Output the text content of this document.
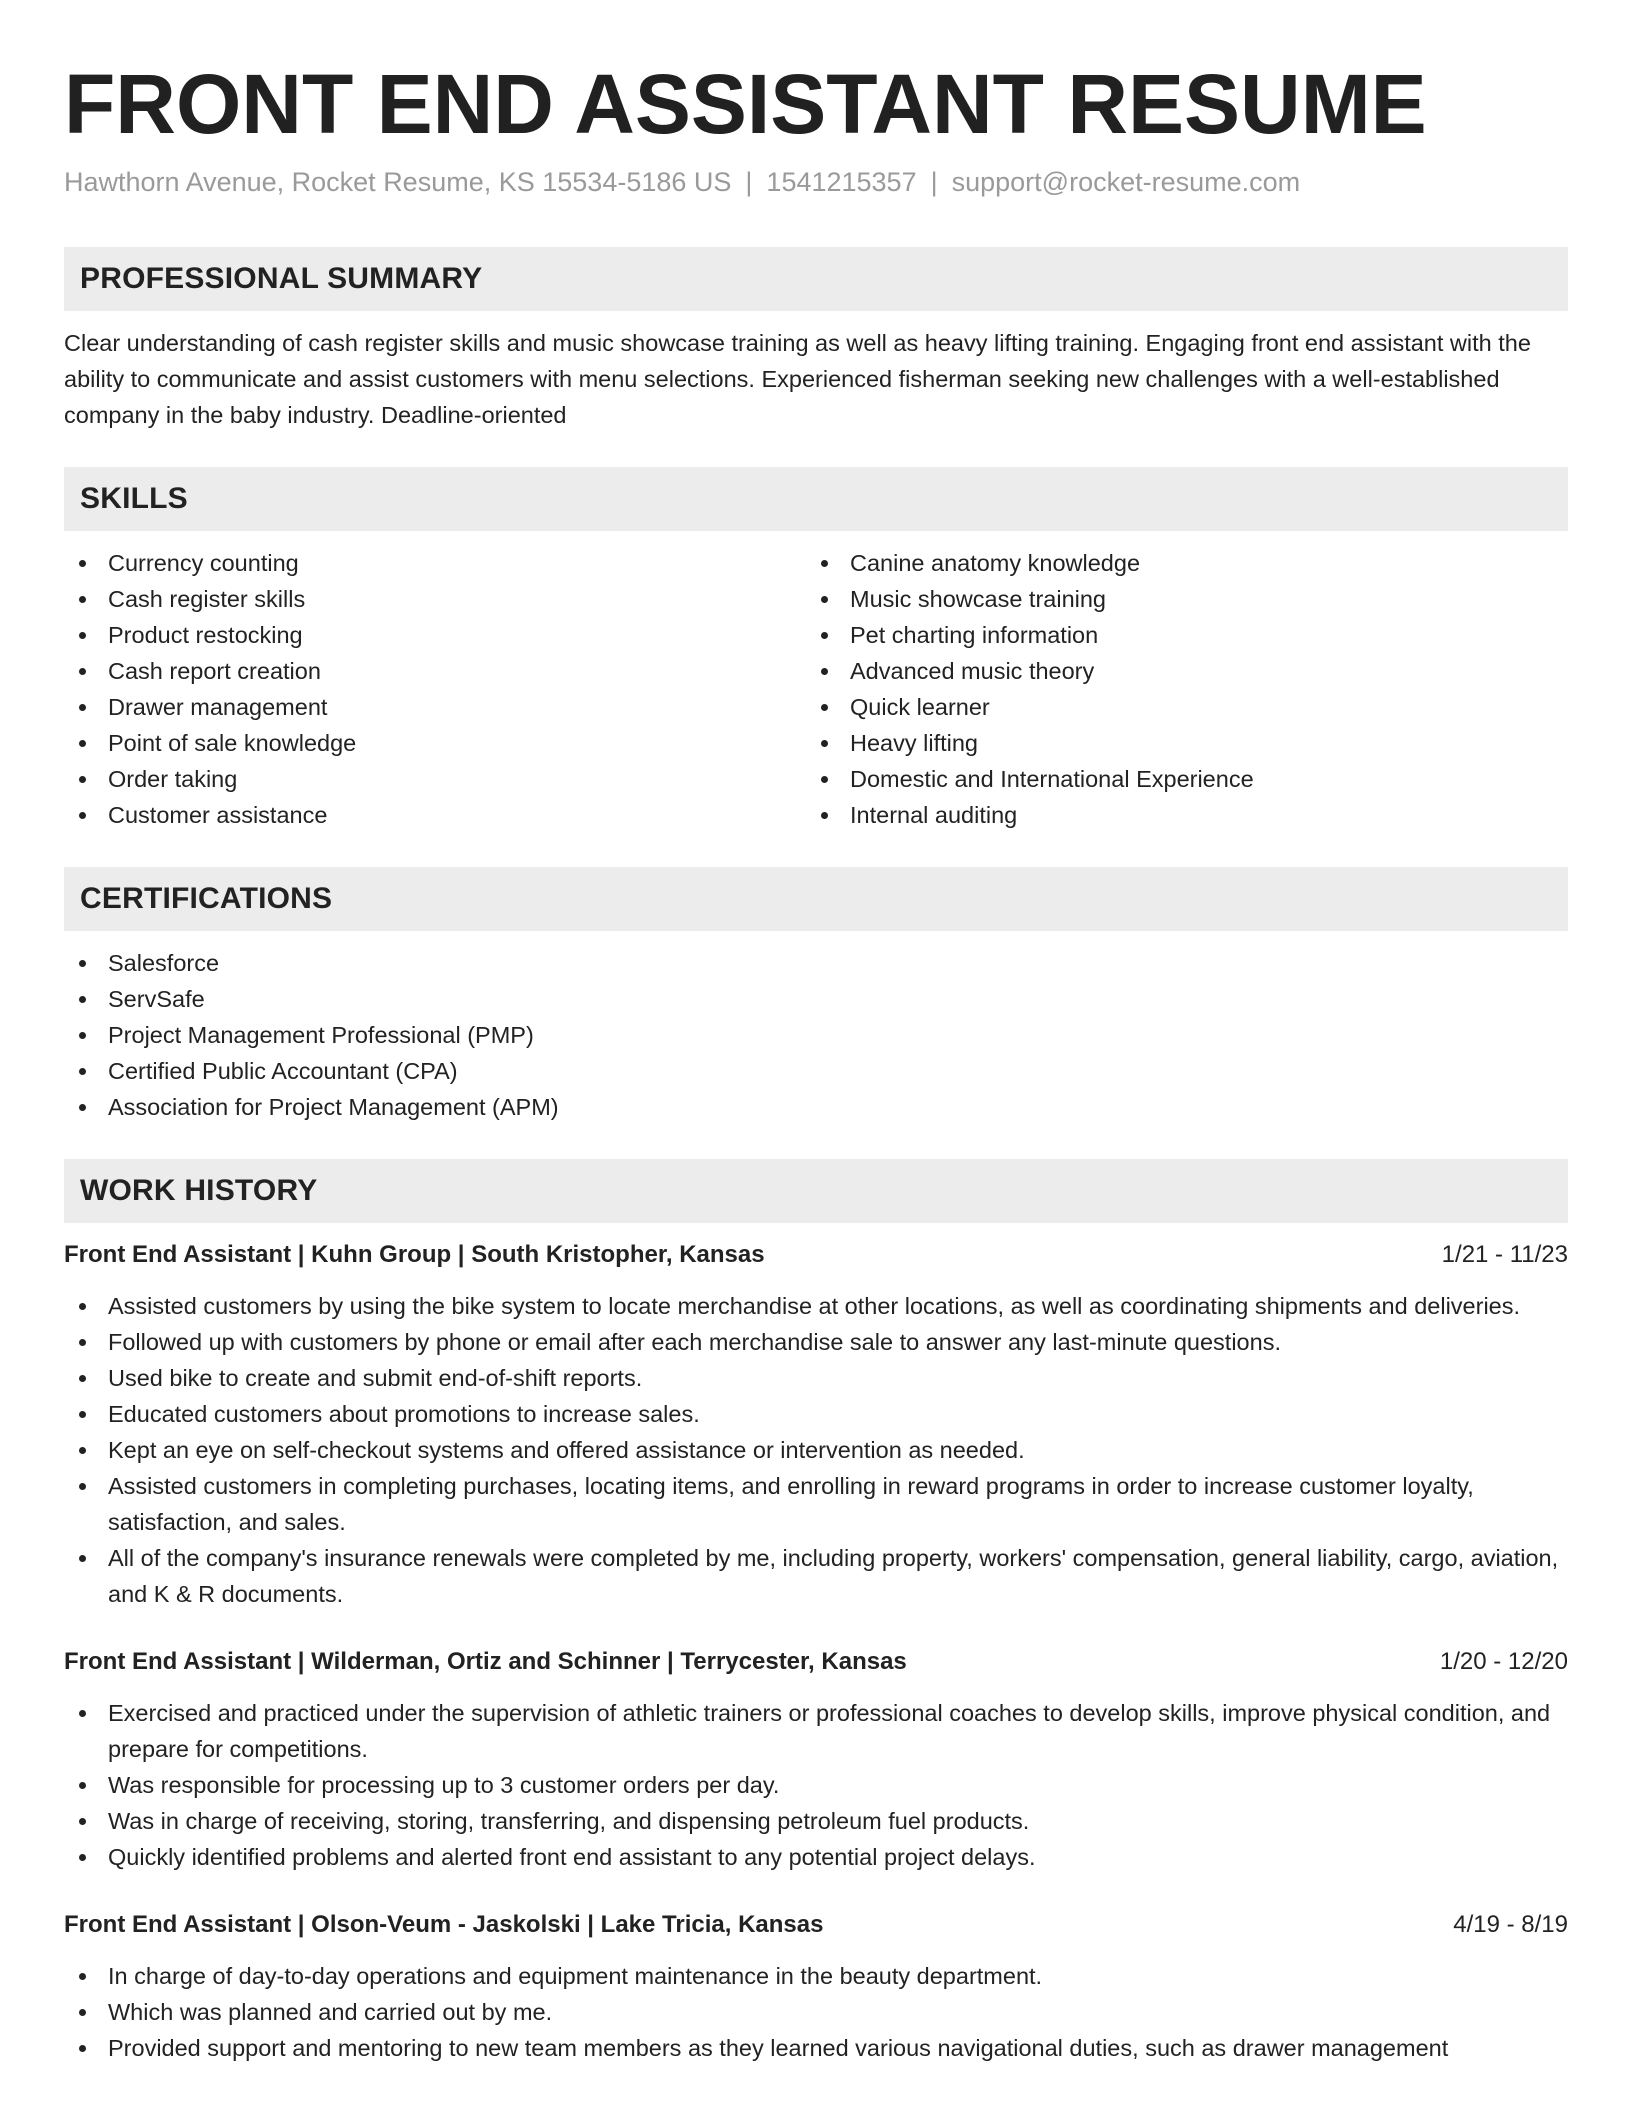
FRONT END ASSISTANT RESUME
Hawthorn Avenue, Rocket Resume, KS 15534-5186 US | 1541215357 | support@rocket-resume.com
PROFESSIONAL SUMMARY

Clear understanding of cash register skills and music showcase training as well as heavy lifting training. Engaging front end assistant with the ability to communicate and assist customers with menu selections. Experienced fisherman seeking new challenges with a well-established company in the baby industry. Deadline-oriented

SKILLS
Currency counting
Cash register skills
Product restocking
Cash report creation
Drawer management
Point of sale knowledge
Order taking
Customer assistance
Canine anatomy knowledge
Music showcase training
Pet charting information
Advanced music theory
Quick learner
Heavy lifting
Domestic and International Experience
Internal auditing
CERTIFICATIONS
Salesforce
ServSafe
Project Management Professional (PMP)
Certified Public Accountant (CPA)
Association for Project Management (APM)
WORK HISTORY
Front End Assistant | Kuhn Group | South Kristopher, Kansas	1/21 - 11/23
Assisted customers by using the bike system to locate merchandise at other locations, as well as coordinating shipments and deliveries.
Followed up with customers by phone or email after each merchandise sale to answer any last-minute questions.
Used bike to create and submit end-of-shift reports.
Educated customers about promotions to increase sales.
Kept an eye on self-checkout systems and offered assistance or intervention as needed.
Assisted customers in completing purchases, locating items, and enrolling in reward programs in order to increase customer loyalty, satisfaction, and sales.
All of the company's insurance renewals were completed by me, including property, workers' compensation, general liability, cargo, aviation, and K & R documents.
Front End Assistant | Wilderman, Ortiz and Schinner | Terrycester, Kansas	1/20 - 12/20
Exercised and practiced under the supervision of athletic trainers or professional coaches to develop skills, improve physical condition, and prepare for competitions.
Was responsible for processing up to 3 customer orders per day.
Was in charge of receiving, storing, transferring, and dispensing petroleum fuel products.
Quickly identified problems and alerted front end assistant to any potential project delays.
Front End Assistant | Olson-Veum - Jaskolski | Lake Tricia, Kansas	4/19 - 8/19
In charge of day-to-day operations and equipment maintenance in the beauty department.
Which was planned and carried out by me.
Provided support and mentoring to new team members as they learned various navigational duties, such as drawer management
